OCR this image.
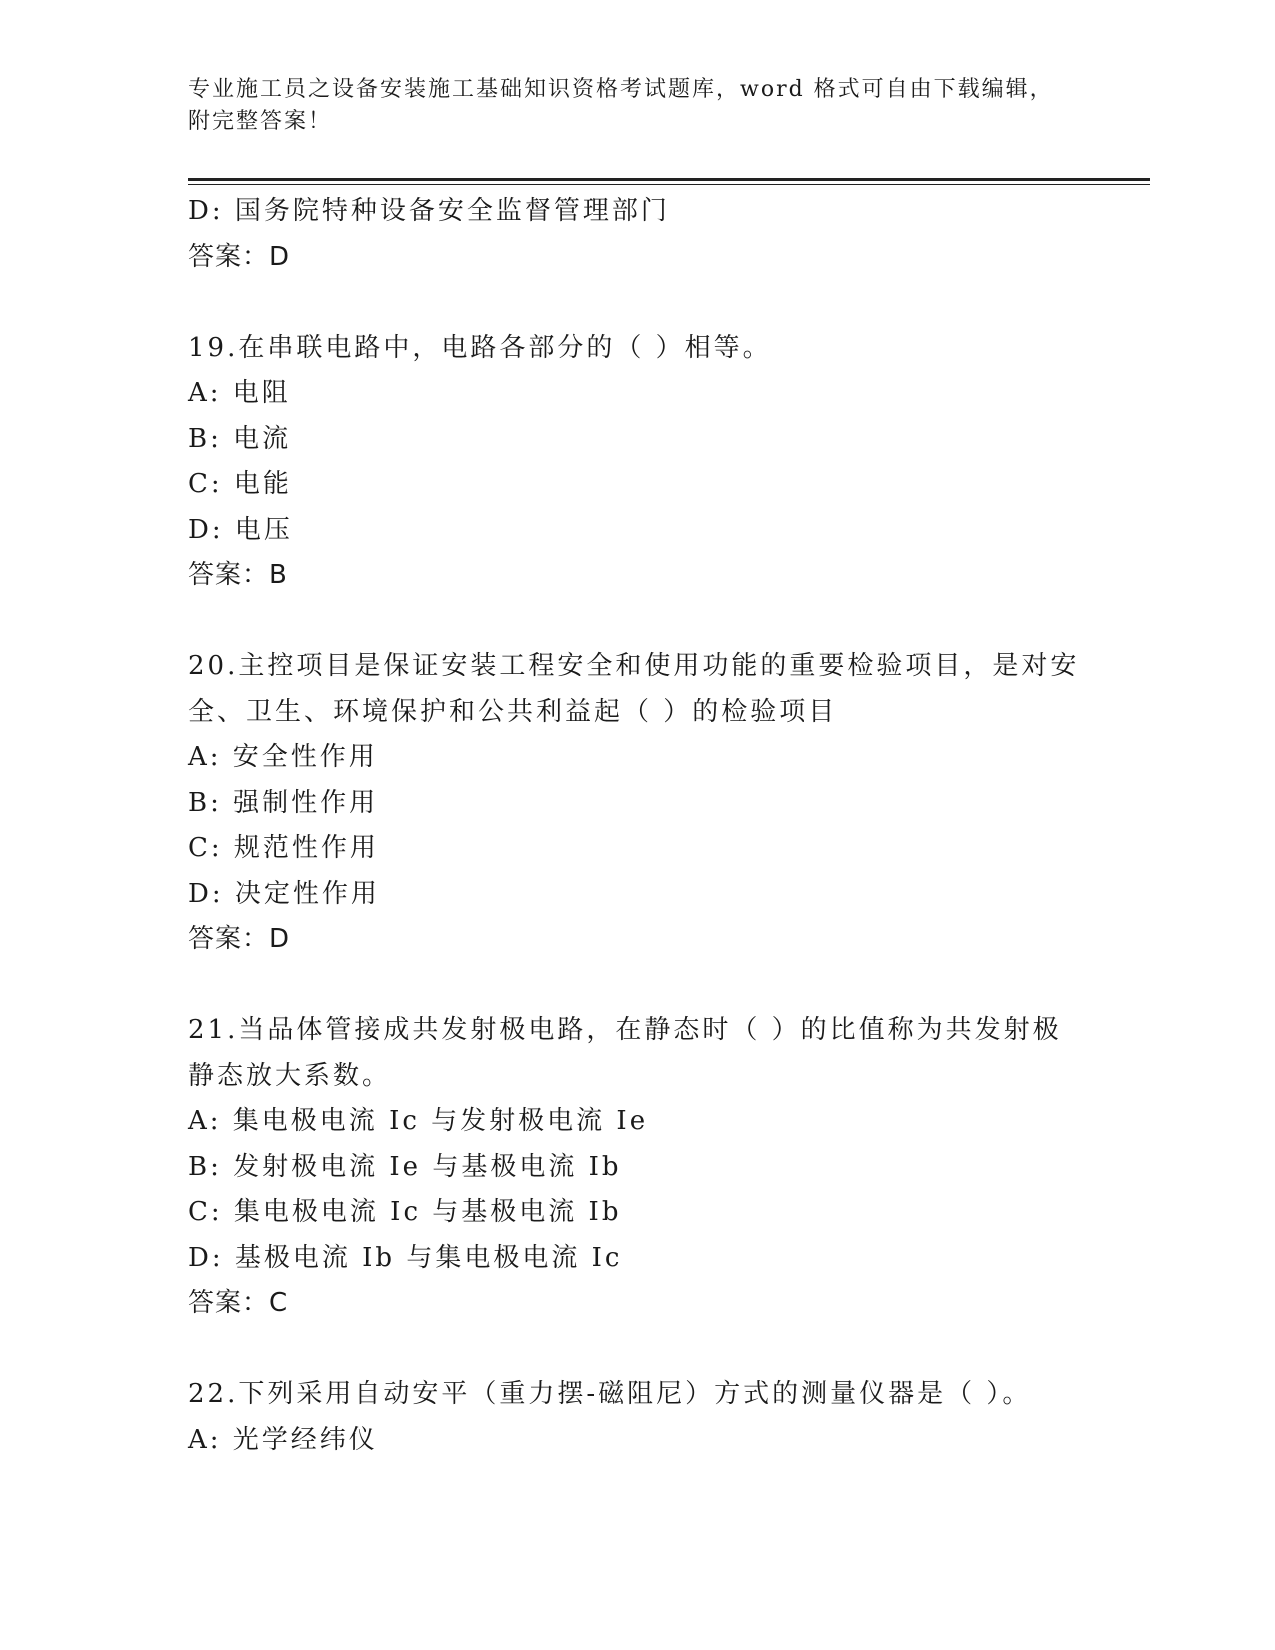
专业施工员之设备安装施工基础知识资格考试题库，word 格式可自由下载编辑，
附完整答案！
D: 国务院特种设备安全监督管理部门
答案：D
19.在串联电路中，电路各部分的（ ）相等。
A: 电阻
B: 电流
C: 电能
D: 电压
答案：B
20.主控项目是保证安装工程安全和使用功能的重要检验项目，是对安
全、卫生、环境保护和公共利益起（ ）的检验项目
A: 安全性作用
B: 强制性作用
C: 规范性作用
D: 决定性作用
答案：D
21.当品体管接成共发射极电路，在静态时（ ）的比值称为共发射极
静态放大系数。
A: 集电极电流 Ic 与发射极电流 Ie
B: 发射极电流 Ie 与基极电流 Ib
C: 集电极电流 Ic 与基极电流 Ib
D: 基极电流 Ib 与集电极电流 Ic
答案：C
22.下列采用自动安平（重力摆-磁阻尼）方式的测量仪器是（ ）。
A: 光学经纬仪
